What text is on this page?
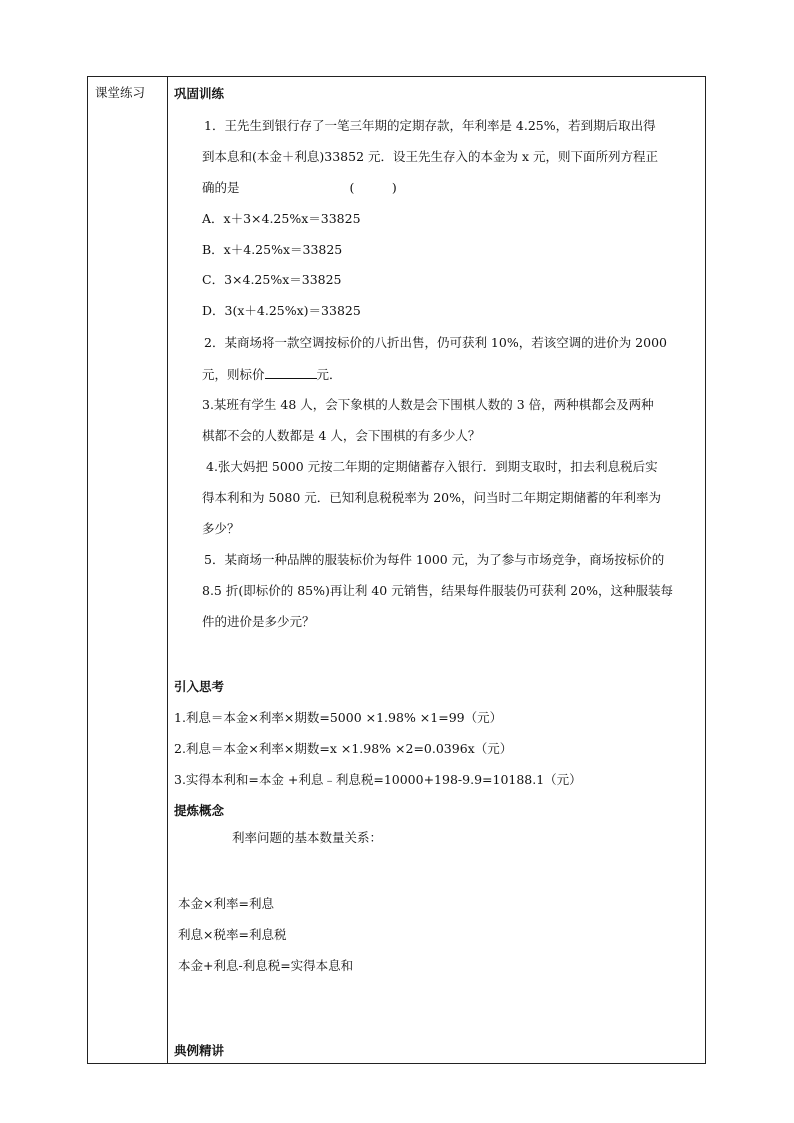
课堂练习 巩固训练
1．王先生到银行存了一笔三年期的定期存款，年利率是 4.25%，若到期后取出得
到本息和(本金＋利息)33852 元．设王先生存入的本金为 x 元，则下面所列方程正
确的是	(　　　)
A．x＋3×4.25%x＝33825
B．x＋4.25%x＝33825
C．3×4.25%x＝33825
D．3(x＋4.25%x)＝33825
2．某商场将一款空调按标价的八折出售，仍可获利 10%，若该空调的进价为 2000
元，则标价	元．
3.某班有学生 48 人，会下象棋的人数是会下围棋人数的 3 倍，两种棋都会及两种
棋都不会的人数都是 4 人，会下围棋的有多少人？
4.张大妈把 5000 元按二年期的定期储蓄存入银行．到期支取时，扣去利息税后实
得本利和为 5080 元．已知利息税税率为 20%，问当时二年期定期储蓄的年利率为
多少？
5．某商场一种品牌的服装标价为每件 1000 元，为了参与市场竞争，商场按标价的
8.5 折(即标价的 85%)再让利 40 元销售，结果每件服装仍可获利 20%，这种服装每
件的进价是多少元？
引入思考
1.利息＝本金×利率×期数=5000 ×1.98% ×1=99（元）
2.利息＝本金×利率×期数=x ×1.98% ×2=0.0396x（元）
3.实得本利和=本金 +利息﹣利息税=10000+198-9.9=10188.1（元）
提炼概念
利率问题的基本数量关系：
本金×利率=利息
利息×税率=利息税
本金+利息-利息税=实得本息和
典例精讲
